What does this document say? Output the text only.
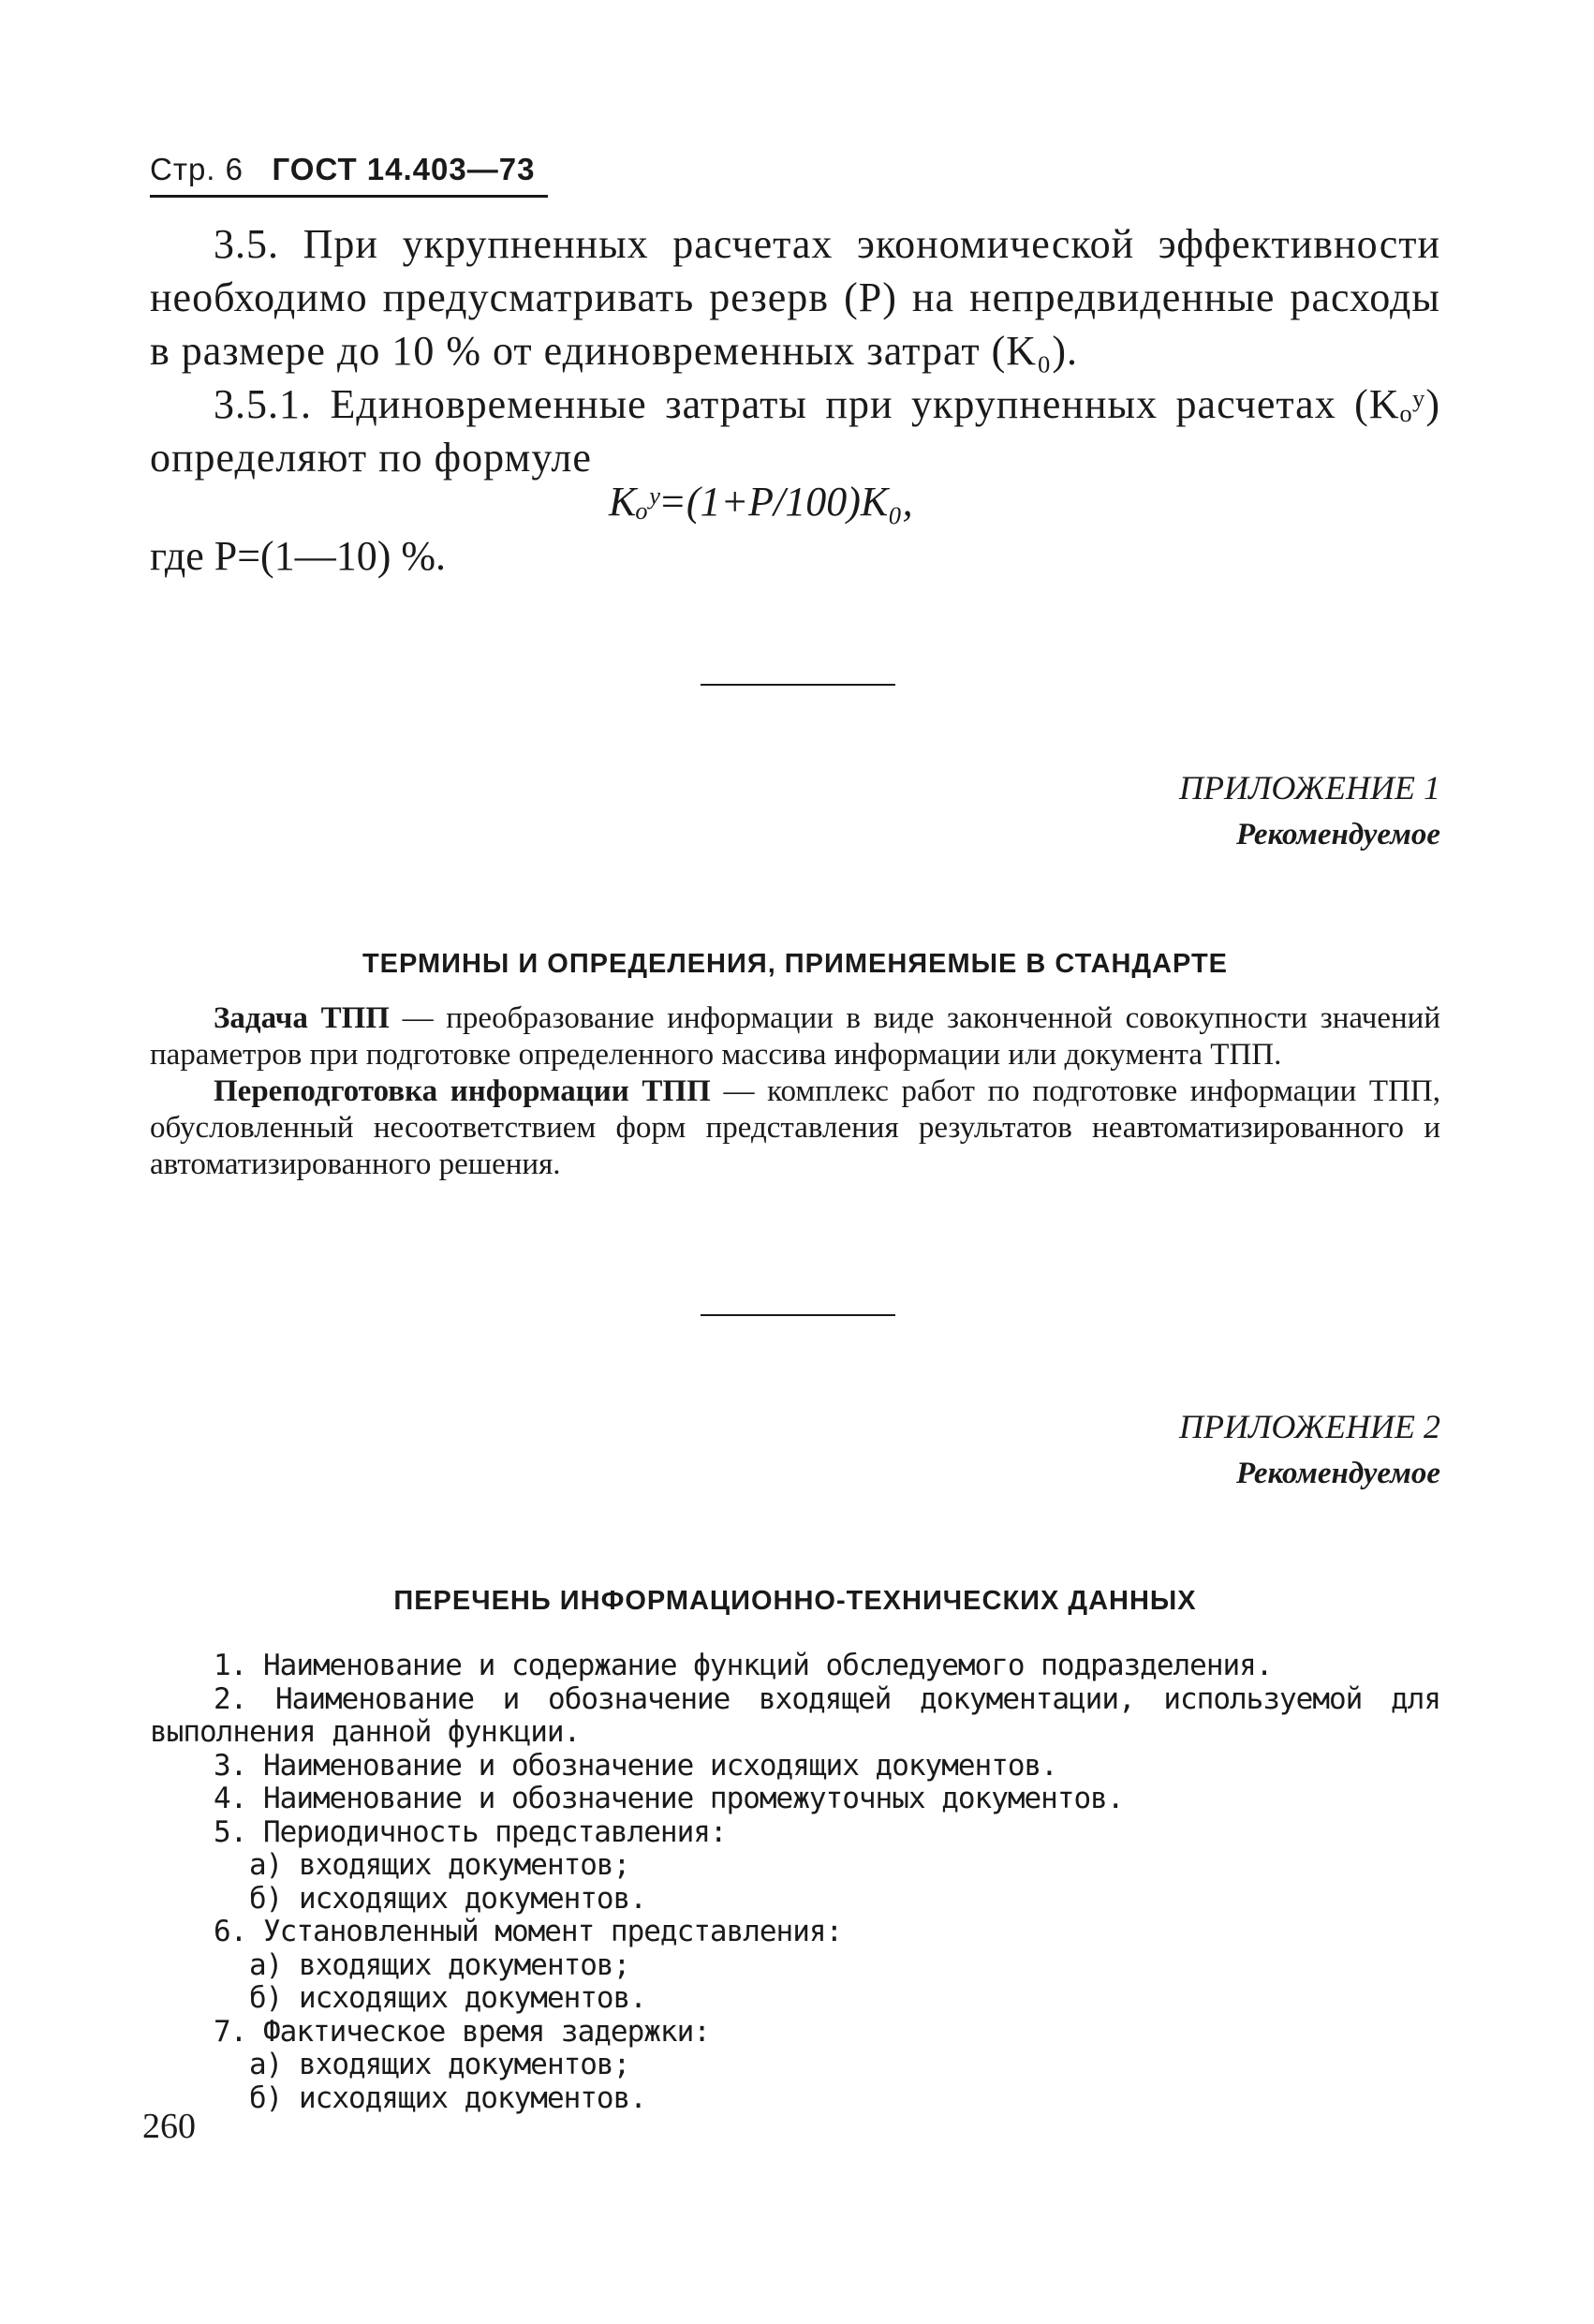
Стр. 6 ГОСТ 14.403—73

3.5. При укрупненных расчетах экономической эффективности необходимо предусматривать резерв (P) на непредвиденные расходы в размере до 10 % от единовременных затрат (K₀).

3.5.1. Единовременные затраты при укрупненных расчетах (Kₒʸ) определяют по формуле

Kₒʸ=(1+P/100)K₀,
где P=(1—10) %.
ПРИЛОЖЕНИЕ 1
Рекомендуемое
ТЕРМИНЫ И ОПРЕДЕЛЕНИЯ, ПРИМЕНЯЕМЫЕ В СТАНДАРТЕ

Задача ТПП — преобразование информации в виде законченной совокупности значений параметров при подготовке определенного массива информации или документа ТПП.

Переподготовка информации ТПП — комплекс работ по подготовке информации ТПП, обусловленный несоответствием форм представления результатов неавтоматизированного и автоматизированного решения.

ПРИЛОЖЕНИЕ 2
Рекомендуемое
ПЕРЕЧЕНЬ ИНФОРМАЦИОННО-ТЕХНИЧЕСКИХ ДАННЫХ
1. Наименование и содержание функций обследуемого подразделения.
2. Наименование и обозначение входящей документации, используемой для выполнения данной функции.
3. Наименование и обозначение исходящих документов.
4. Наименование и обозначение промежуточных документов.
5. Периодичность представления:
а) входящих документов;
б) исходящих документов.
6. Установленный момент представления:
а) входящих документов;
б) исходящих документов.
7. Фактическое время задержки:
а) входящих документов;
б) исходящих документов.
260
